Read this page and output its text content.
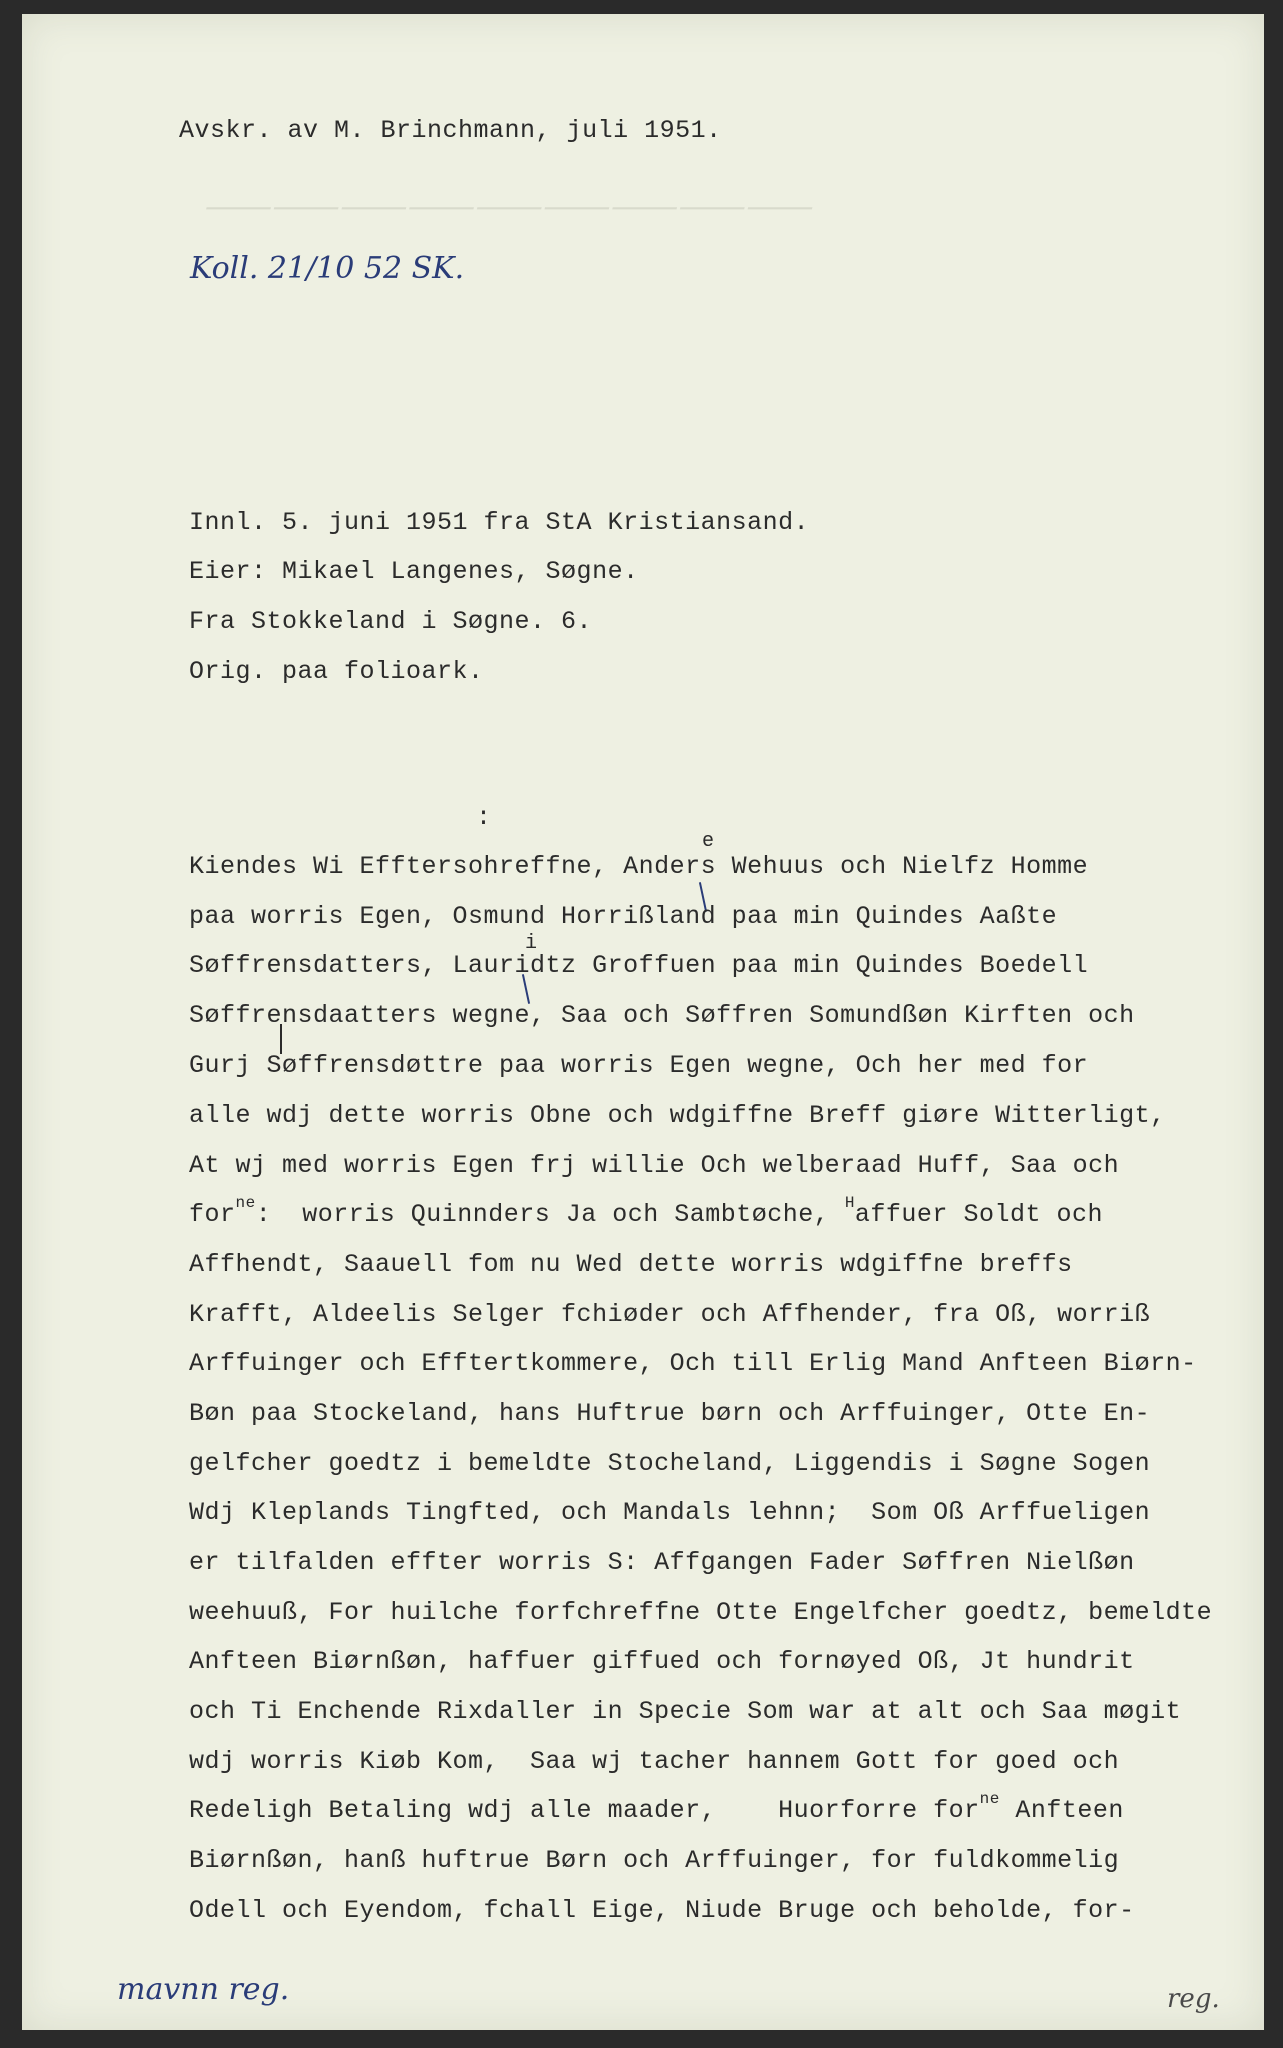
⸺⸺⸺⸺⸺⸺⸺⸺⸺
Avskr. av M. Brinchmann, juli 1951.
Koll. 21/10 52 SK.
Innl. 5. juni 1951 fra StA Kristiansand.
Eier: Mikael Langenes, Søgne.
Fra Stokkeland i Søgne. 6.
Orig. paa folioark.
:
e
i
Kiendes Wi Efftersohreffne, Anders Wehuus och Nielfz Homme
paa worris Egen, Osmund Horrißland paa min Quindes Aaßte
Søffrensdatters, Lauridtz Groffuen paa min Quindes Boedell
Søffrensdaatters wegne, Saa och Søffren Somundßøn Kirften och
Gurj Søffrensdøttre paa worris Egen wegne, Och her med for
alle wdj dette worris Obne och wdgiffne Breff giøre Witterligt,
At wj med worris Egen frj willie Och welberaad Huff, Saa och
for$^{ne}$:  worris Quinnders Ja och Sambtøche, $^H$affuer Soldt och
Affhendt, Saauell fom nu Wed dette worris wdgiffne breffs
Krafft, Aldeelis Selger fchiøder och Affhender, fra Oß, worriß
Arffuinger och Efftertkommere, Och till Erlig Mand Anfteen Biørn-
Bøn paa Stockeland, hans Huftrue børn och Arffuinger, Otte En-
gelfcher goedtz i bemeldte Stocheland, Liggendis i Søgne Sogen
Wdj Kleplands Tingfted, och Mandals lehnn;  Som Oß Arffueligen
er tilfalden effter worris S: Affgangen Fader Søffren Nielßøn
weehuuß, For huilche forfchreffne Otte Engelfcher goedtz, bemeldte
Anfteen Biørnßøn, haffuer giffued och fornøyed Oß, Jt hundrit
och Ti Enchende Rixdaller in Specie Som war at alt och Saa møgit
wdj worris Kiøb Kom,  Saa wj tacher hannem Gott for goed och
Redeligh Betaling wdj alle maader,    Huorforre for$^{ne}$ Anfteen
Biørnßøn, hanß huftrue Børn och Arffuinger, for fuldkommelig
Odell och Eyendom, fchall Eige, Niude Bruge och beholde, for-
mavnn reg.	reg.
